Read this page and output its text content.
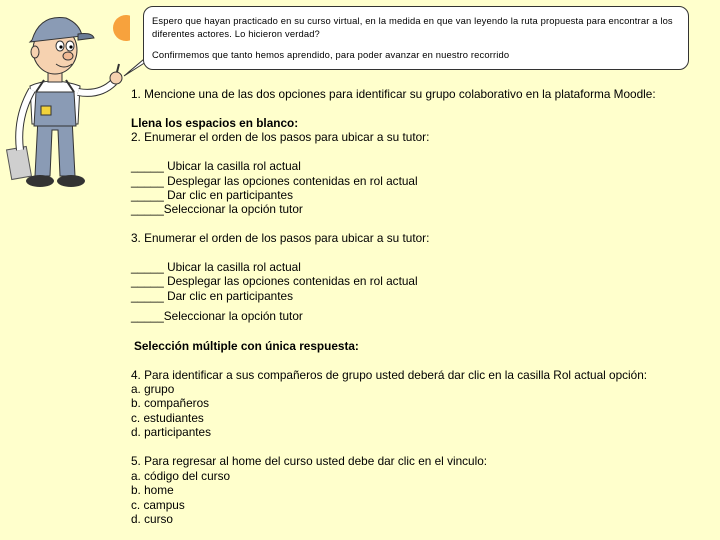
Espero que hayan practicado en su curso virtual, en la medida en que van leyendo la ruta propuesta para encontrar a los diferentes actores. Lo hicieron verdad?

Confirmemos que tanto hemos aprendido, para poder avanzar en nuestro recorrido

1. Mencione una de las dos opciones para identificar su grupo colaborativo en la plataforma Moodle:
Llena los espacios en blanco:
2. Enumerar el orden de los pasos para ubicar a su tutor:
_____ Ubicar la casilla rol actual
_____ Desplegar las opciones contenidas en rol actual
_____ Dar clic en participantes
_____Seleccionar la opción tutor
3. Enumerar el orden de los pasos para ubicar a su tutor:
_____ Ubicar la casilla rol actual
_____ Desplegar las opciones contenidas en rol actual
_____ Dar clic en participantes
_____Seleccionar la opción tutor
Selección múltiple con única respuesta:
4. Para identificar a sus compañeros de grupo usted deberá dar clic en la casilla Rol actual opción:
a. grupo
b. compañeros
c. estudiantes
d. participantes
5. Para regresar al home del curso usted debe dar clic en el vinculo:
a. código del curso
b. home
c. campus
d. curso
